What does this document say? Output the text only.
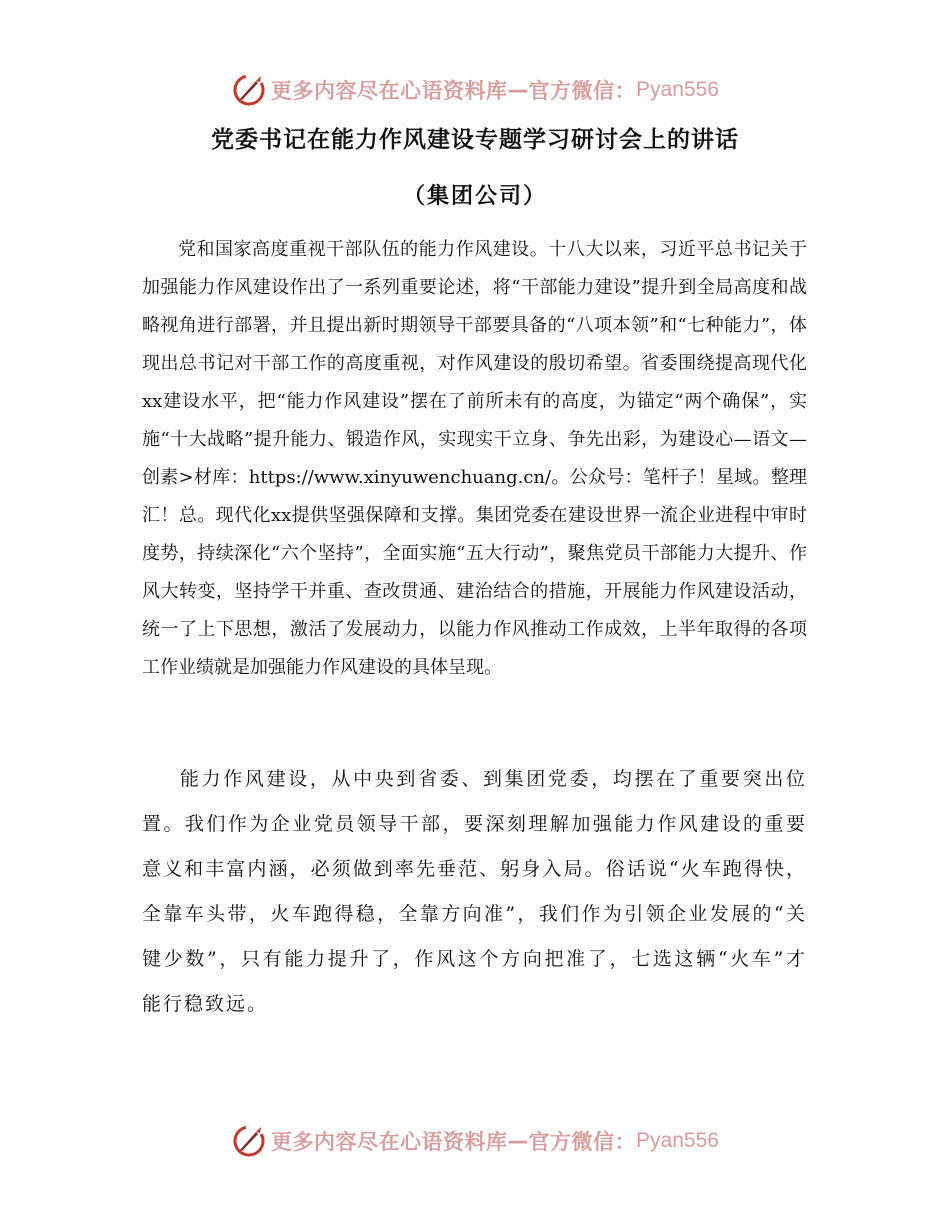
更多内容尽在心语资料库 — 官方微信： Pyan556
党委书记在能力作风建设专题学习研讨会上的讲话
（集团公司）

党和国家高度重视干部队伍的能力作风建设。十八大以来，习近平总书记关于加强能力作风建设作出了一系列重要论述，将“干部能力建设”提升到全局高度和战略视角进行部署，并且提出新时期领导干部要具备的“八项本领”和“七种能力”，体现出总书记对干部工作的高度重视，对作风建设的殷切希望。省委围绕提高现代化xx建设水平，把“能力作风建设”摆在了前所未有的高度，为锚定“两个确保”，实施“十大战略”提升能力、锻造作风，实现实干立身、争先出彩，为建设心—语文—创素>材库：https://www.xinyuwenchuang.cn/。公众号：笔杆子！星域。整理汇！总。现代化xx提供坚强保障和支撑。集团党委在建设世界一流企业进程中审时度势，持续深化“六个坚持”，全面实施“五大行动”，聚焦党员干部能力大提升、作风大转变，坚持学干并重、查改贯通、建治结合的措施，开展能力作风建设活动，统一了上下思想，激活了发展动力，以能力作风推动工作成效，上半年取得的各项工作业绩就是加强能力作风建设的具体呈现。

能力作风建设，从中央到省委、到集团党委，均摆在了重要突出位置。我们作为企业党员领导干部，要深刻理解加强能力作风建设的重要意义和丰富内涵，必须做到率先垂范、躬身入局。俗话说“火车跑得快，全靠车头带，火车跑得稳，全靠方向准”，我们作为引领企业发展的“关键少数”，只有能力提升了，作风这个方向把准了，七选这辆“火车”才能行稳致远。

更多内容尽在心语资料库 — 官方微信： Pyan556
